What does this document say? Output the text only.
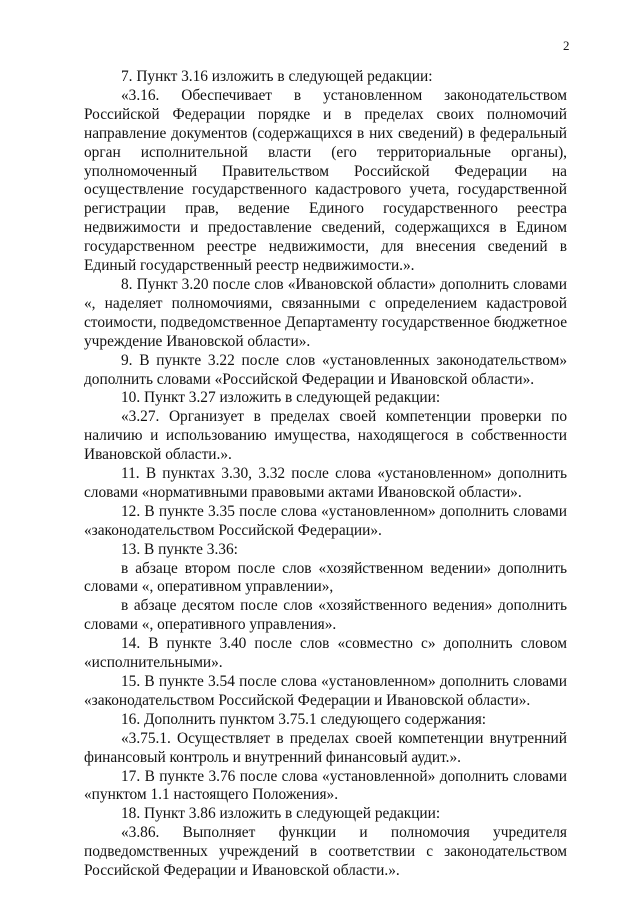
2

7. Пункт 3.16 изложить в следующей редакции:

«3.16. Обеспечивает в установленном законодательством Российской Федерации порядке и в пределах своих полномочий направление документов (содержащихся в них сведений) в федеральный орган исполнительной власти (его территориальные органы), уполномоченный Правительством Российской Федерации на осуществление государственного кадастрового учета, государственной регистрации прав, ведение Единого государственного реестра недвижимости и предоставление сведений, содержащихся в Едином государственном реестре недвижимости, для внесения сведений в Единый государственный реестр недвижимости.».

8. Пункт 3.20 после слов «Ивановской области» дополнить словами «, наделяет полномочиями, связанными с определением кадастровой стоимости, подведомственное Департаменту государственное бюджетное учреждение Ивановской области».

9. В пункте 3.22 после слов «установленных законодательством» дополнить словами «Российской Федерации и Ивановской области».

10. Пункт 3.27 изложить в следующей редакции:

«3.27. Организует в пределах своей компетенции проверки по наличию и использованию имущества, находящегося в собственности Ивановской области.».

11. В пунктах 3.30, 3.32 после слова «установленном» дополнить словами «нормативными правовыми актами Ивановской области».

12. В пункте 3.35 после слова «установленном» дополнить словами «законодательством Российской Федерации».

13. В пункте 3.36:

в абзаце втором после слов «хозяйственном ведении» дополнить словами «, оперативном управлении»,

в абзаце десятом после слов «хозяйственного ведения» дополнить словами «, оперативного управления».

14. В пункте 3.40 после слов «совместно с» дополнить словом «исполнительными».

15. В пункте 3.54 после слова «установленном» дополнить словами «законодательством Российской Федерации и Ивановской области».

16. Дополнить пунктом 3.75.1 следующего содержания:

«3.75.1. Осуществляет в пределах своей компетенции внутренний финансовый контроль и внутренний финансовый аудит.».

17. В пункте 3.76 после слова «установленной» дополнить словами «пунктом 1.1 настоящего Положения».

18. Пункт 3.86 изложить в следующей редакции:

«3.86. Выполняет функции и полномочия учредителя подведомственных учреждений в соответствии с законодательством Российской Федерации и Ивановской области.».
